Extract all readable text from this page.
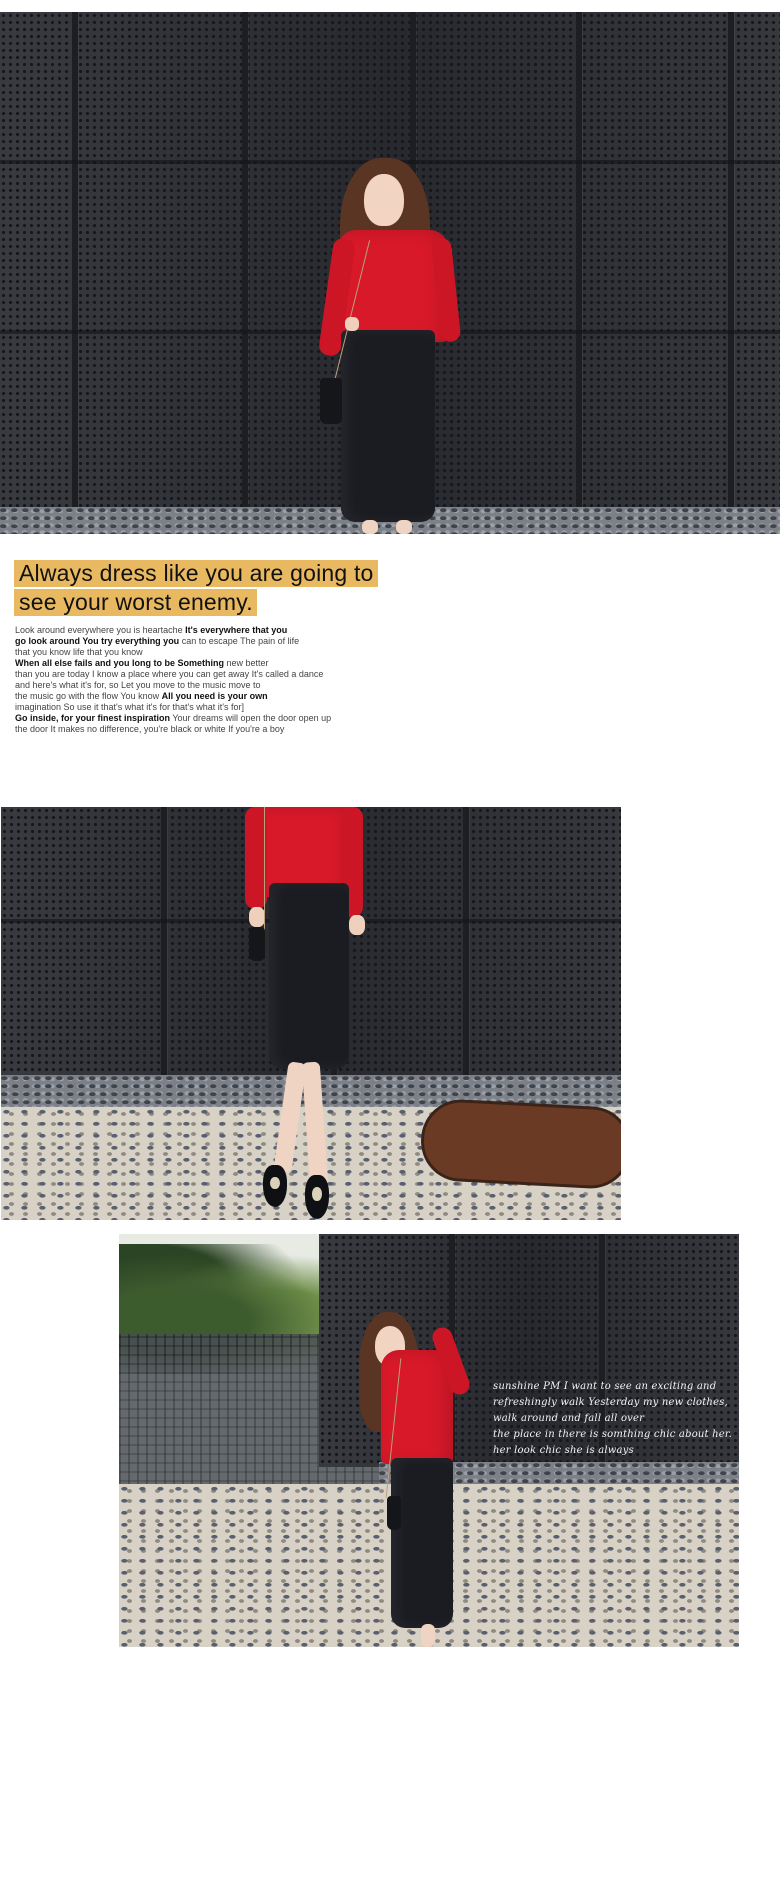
Always dress like you are going to
see your worst enemy.

Look around everywhere you is heartache It's everywhere that you

go look around You try everything you can to escape The pain of life

that you know life that you know

When all else fails and you long to be Something new better

than you are today I know a place where you can get away It's called a dance

and here's what it's for, so Let you move to the music move to

the music go with the flow You know All you need is your own

imagination So use it that's what it's for that's what it's for]

Go inside, for your finest inspiration Your dreams will open the door open up

the door It makes no difference, you're black or white If you're a boy

sunshine PM I want to see an exciting and

refreshingly walk Yesterday my new clothes,

walk around and fall all over

the place in there is somthing chic about her.

her look chic she is always
